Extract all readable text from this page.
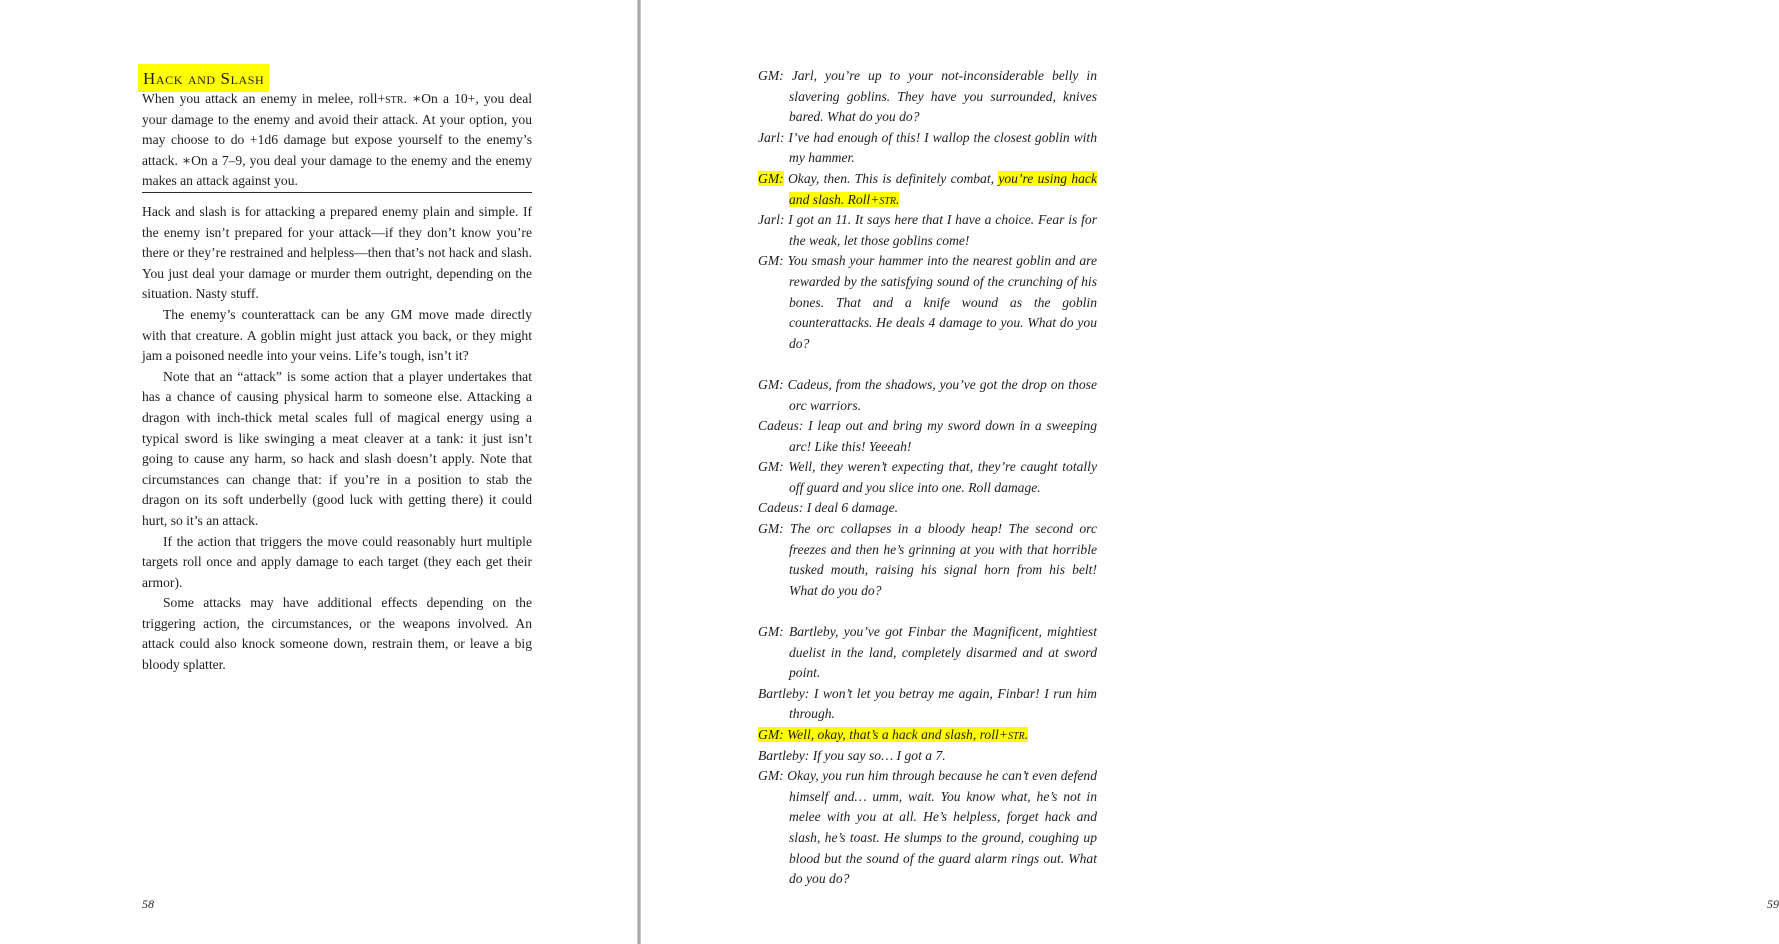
Hack and Slash

When you attack an enemy in melee, roll+str. ∗On a 10+, you deal your damage to the enemy and avoid their attack. At your option, you may choose to do +1d6 damage but expose yourself to the enemy’s attack. ∗On a 7–9, you deal your damage to the enemy and the enemy makes an attack against you.

Hack and slash is for attacking a prepared enemy plain and simple. If the enemy isn’t prepared for your attack—if they don’t know you’re there or they’re restrained and helpless—then that’s not hack and slash. You just deal your damage or murder them outright, depending on the situation. Nasty stuff.

The enemy’s counterattack can be any GM move made directly with that creature. A goblin might just attack you back, or they might jam a poisoned needle into your veins. Life’s tough, isn’t it?

Note that an “attack” is some action that a player undertakes that has a chance of causing physical harm to someone else. Attacking a dragon with inch-thick metal scales full of magical energy using a typical sword is like swinging a meat cleaver at a tank: it just isn’t going to cause any harm, so hack and slash doesn’t apply. Note that circumstances can change that: if you’re in a position to stab the dragon on its soft underbelly (good luck with getting there) it could hurt, so it’s an attack.

If the action that triggers the move could reasonably hurt multiple targets roll once and apply damage to each target (they each get their armor).

Some attacks may have additional effects depending on the triggering action, the circumstances, or the weapons involved. An attack could also knock someone down, restrain them, or leave a big bloody splatter.

58	59

GM: Jarl, you’re up to your not-inconsiderable belly in slavering goblins. They have you surrounded, knives bared. What do you do?

Jarl: I’ve had enough of this! I wallop the closest goblin with my hammer.

GM: Okay, then. This is definitely combat, you’re using hack and slash. Roll+str.

Jarl: I got an 11. It says here that I have a choice. Fear is for the weak, let those goblins come!

GM: You smash your hammer into the nearest goblin and are rewarded by the satisfying sound of the crunching of his bones. That and a knife wound as the goblin counterattacks. He deals 4 damage to you. What do you do?

GM: Cadeus, from the shadows, you’ve got the drop on those orc warriors.

Cadeus: I leap out and bring my sword down in a sweeping arc! Like this! Yeeeah!

GM: Well, they weren’t expecting that, they’re caught totally off guard and you slice into one. Roll damage.

Cadeus: I deal 6 damage.

GM: The orc collapses in a bloody heap! The second orc freezes and then he’s grinning at you with that horrible tusked mouth, raising his signal horn from his belt! What do you do?

GM: Bartleby, you’ve got Finbar the Magnificent, mightiest duelist in the land, completely disarmed and at sword point.

Bartleby: I won’t let you betray me again, Finbar! I run him through.

GM: Well, okay, that’s a hack and slash, roll+str.

Bartleby: If you say so… I got a 7.

GM: Okay, you run him through because he can’t even defend himself and… umm, wait. You know what, he’s not in melee with you at all. He’s helpless, forget hack and slash, he’s toast. He slumps to the ground, coughing up blood but the sound of the guard alarm rings out. What do you do?
